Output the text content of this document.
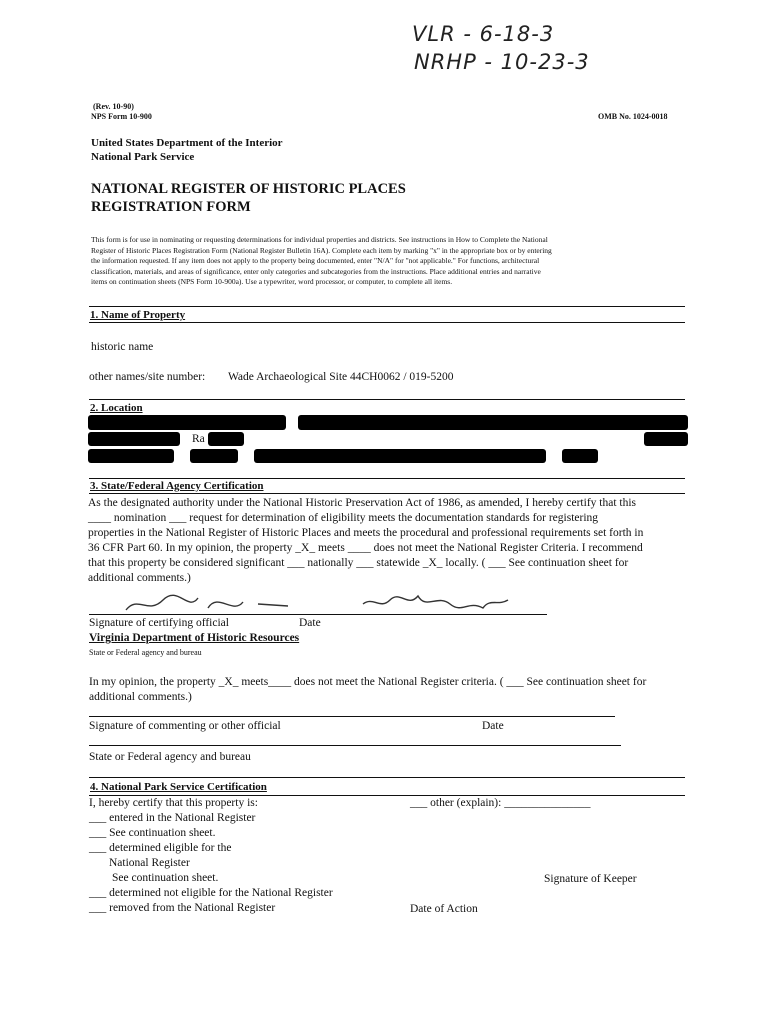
VLR - 6-18-3
NRHP - 10-23-3
(Rev. 10-90)
NPS Form 10-900	OMB No. 1024-0018
United States Department of the Interior
National Park Service
NATIONAL REGISTER OF HISTORIC PLACES
REGISTRATION FORM
This form is for use in nominating or requesting determinations for individual properties and districts. See instructions in How to Complete the National
Register of Historic Places Registration Form (National Register Bulletin 16A). Complete each item by marking "x" in the appropriate box or by entering
the information requested. If any item does not apply to the property being documented, enter "N/A" for "not applicable." For functions, architectural
classification, materials, and areas of significance, enter only categories and subcategories from the instructions. Place additional entries and narrative
items on continuation sheets (NPS Form 10-900a). Use a typewriter, word processor, or computer, to complete all items.
1. Name of Property
historic name
other names/site number: Wade Archaeological Site 44CH0062 / 019-5200
2. Location
Ra
3. State/Federal Agency Certification
As the designated authority under the National Historic Preservation Act of 1986, as amended, I hereby certify that this
____ nomination ___ request for determination of eligibility meets the documentation standards for registering
properties in the National Register of Historic Places and meets the procedural and professional requirements set forth in
36 CFR Part 60. In my opinion, the property _X_ meets ____ does not meet the National Register Criteria. I recommend
that this property be considered significant ___ nationally ___ statewide _X_ locally. ( ___ See continuation sheet for
additional comments.)
Signature of certifying official	Date
Virginia Department of Historic Resources
State or Federal agency and bureau
In my opinion, the property _X_ meets____ does not meet the National Register criteria. ( ___ See continuation sheet for
additional comments.)
Signature of commenting or other official	Date
State or Federal agency and bureau
4. National Park Service Certification
I, hereby certify that this property is:	___ other (explain): _______________
___ entered in the National Register
___ See continuation sheet.
___ determined eligible for the
National Register
See continuation sheet.	Signature of Keeper
___ determined not eligible for the National Register
___ removed from the National Register	Date of Action
